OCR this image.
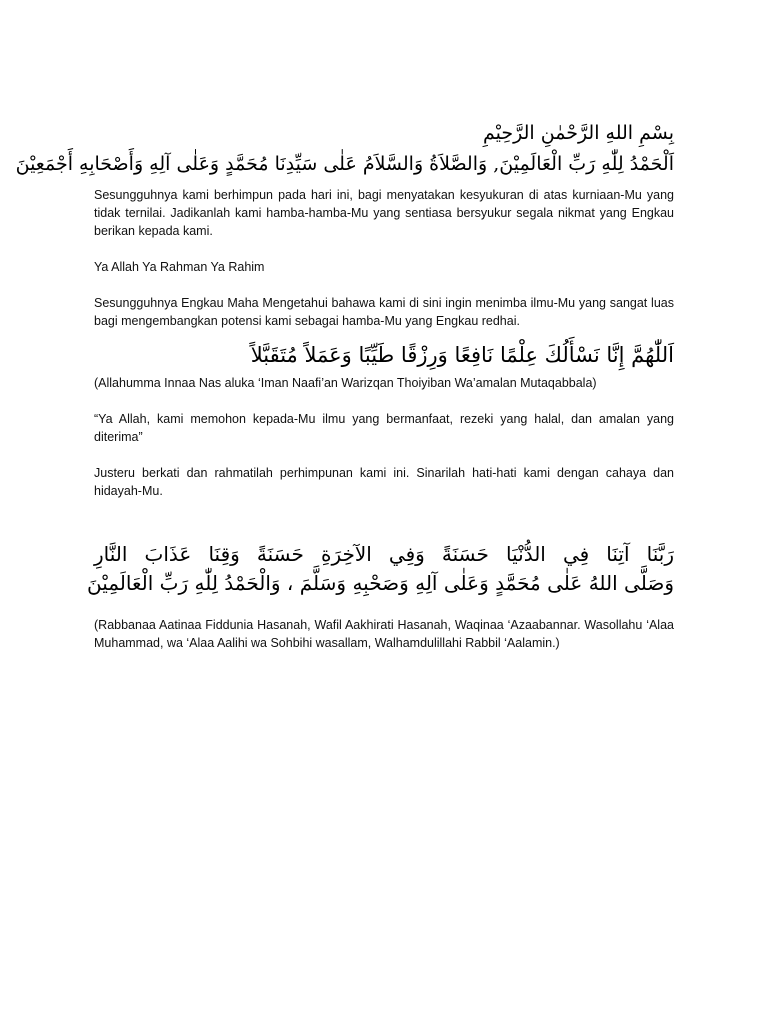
بِسْمِ اللهِ الرَّحْمٰنِ الرَّحِيْمِ

اَلْحَمْدُ لِلّٰهِ رَبِّ الْعَالَمِيْنَ, وَالصَّلاَةُ وَالسَّلاَمُ عَلٰى سَيِّدِنَا مُحَمَّدٍ وَعَلٰى آلِهِ وَأَصْحَابِهِ أَجْمَعِيْنَ

Sesungguhnya kami berhimpun pada hari ini, bagi menyatakan kesyukuran di atas kurniaan-Mu yang tidak ternilai. Jadikanlah kami hamba-hamba-Mu yang sentiasa bersyukur segala nikmat yang Engkau berikan kepada kami.

Ya Allah Ya Rahman Ya Rahim

Sesungguhnya Engkau Maha Mengetahui bahawa kami di sini ingin menimba ilmu-Mu yang sangat luas bagi mengembangkan potensi kami sebagai hamba-Mu yang Engkau redhai.

اَللّٰهُمَّ إِنَّا نَسْأَلُكَ عِلْمًا نَافِعًا وَرِزْقًا طَيِّبًا وَعَمَلاً مُتَقَبَّلاً

(Allahumma Innaa Nas aluka ‘Iman Naafi’an Warizqan Thoiyiban Wa’amalan Mutaqabbala)

“Ya Allah, kami memohon kepada-Mu ilmu yang bermanfaat, rezeki yang halal, dan amalan yang diterima”

Justeru berkati dan rahmatilah perhimpunan kami ini. Sinarilah hati-hati kami dengan cahaya dan hidayah-Mu.

رَبَّنَا آتِنَا فِي الدُّنْيَا حَسَنَةً وَفِي الآخِرَةِ حَسَنَةً وَقِنَا عَذَابَ النَّارِ

وَصَلَّى اللهُ عَلٰى مُحَمَّدٍ وَعَلٰى آلِهِ وَصَحْبِهِ وَسَلَّمَ ، وَالْحَمْدُ لِلّٰهِ رَبِّ الْعَالَمِيْنَ

(Rabbanaa Aatinaa Fiddunia Hasanah, Wafil Aakhirati Hasanah, Waqinaa ‘Azaabannar. Wasollahu ‘Alaa Muhammad, wa ‘Alaa Aalihi wa Sohbihi wasallam, Walhamdulillahi Rabbil ‘Aalamin.)
